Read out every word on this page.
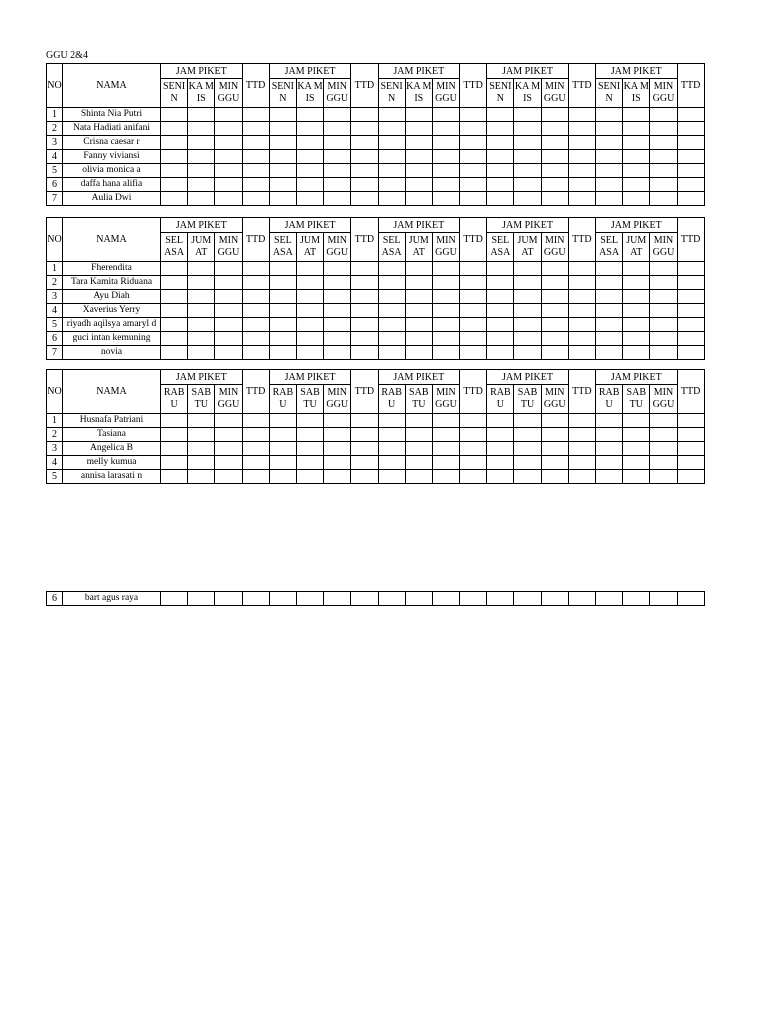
GGU 2&4
NO	NAMA	JAM PIKET			TTD	JAM PIKET			TTD	JAM PIKET			TTD	JAM PIKET			TTD	JAM PIKET			TTD
		SENI N	KA MIS	MIN GGU		SENI N	KA MIS	MIN GGU		SENI N	KA MIS	MIN GGU		SENI N	KA MIS	MIN GGU		SENI N	KA MIS	MIN GGU	
1	Shinta Nia Putri																				
2	Nata Hadiati anifani																				
3	Crisna caesar r																				
4	Fanny viviansi																				
5	olivia monica a																				
6	daffa hana alifia																				
7	Aulia Dwi																				
NO	NAMA	JAM PIKET			TTD	JAM PIKET			TTD	JAM PIKET			TTD	JAM PIKET			TTD	JAM PIKET			TTD
		SEL ASA	JUM AT	MIN GGU		SEL ASA	JUM AT	MIN GGU		SEL ASA	JUM AT	MIN GGU		SEL ASA	JUM AT	MIN GGU		SEL ASA	JUM AT	MIN GGU	
1	Fherendita																				
2	Tara Kamita Riduana																				
3	Ayu Diah																				
4	Xaverius Yerry																				
5	riyadh aqilsya amaryl d																				
6	guci intan kemuning																				
7	novia																				
NO	NAMA	JAM PIKET			TTD	JAM PIKET			TTD	JAM PIKET			TTD	JAM PIKET			TTD	JAM PIKET			TTD
		RAB U	SAB TU	MIN GGU		RAB U	SAB TU	MIN GGU		RAB U	SAB TU	MIN GGU		RAB U	SAB TU	MIN GGU		RAB U	SAB TU	MIN GGU	
1	Husnafa Patriani																				
2	Tasiana																				
3	Angelica B																				
4	melly kumua																				
5	annisa larasati n																				
6	bart agus raya																				
